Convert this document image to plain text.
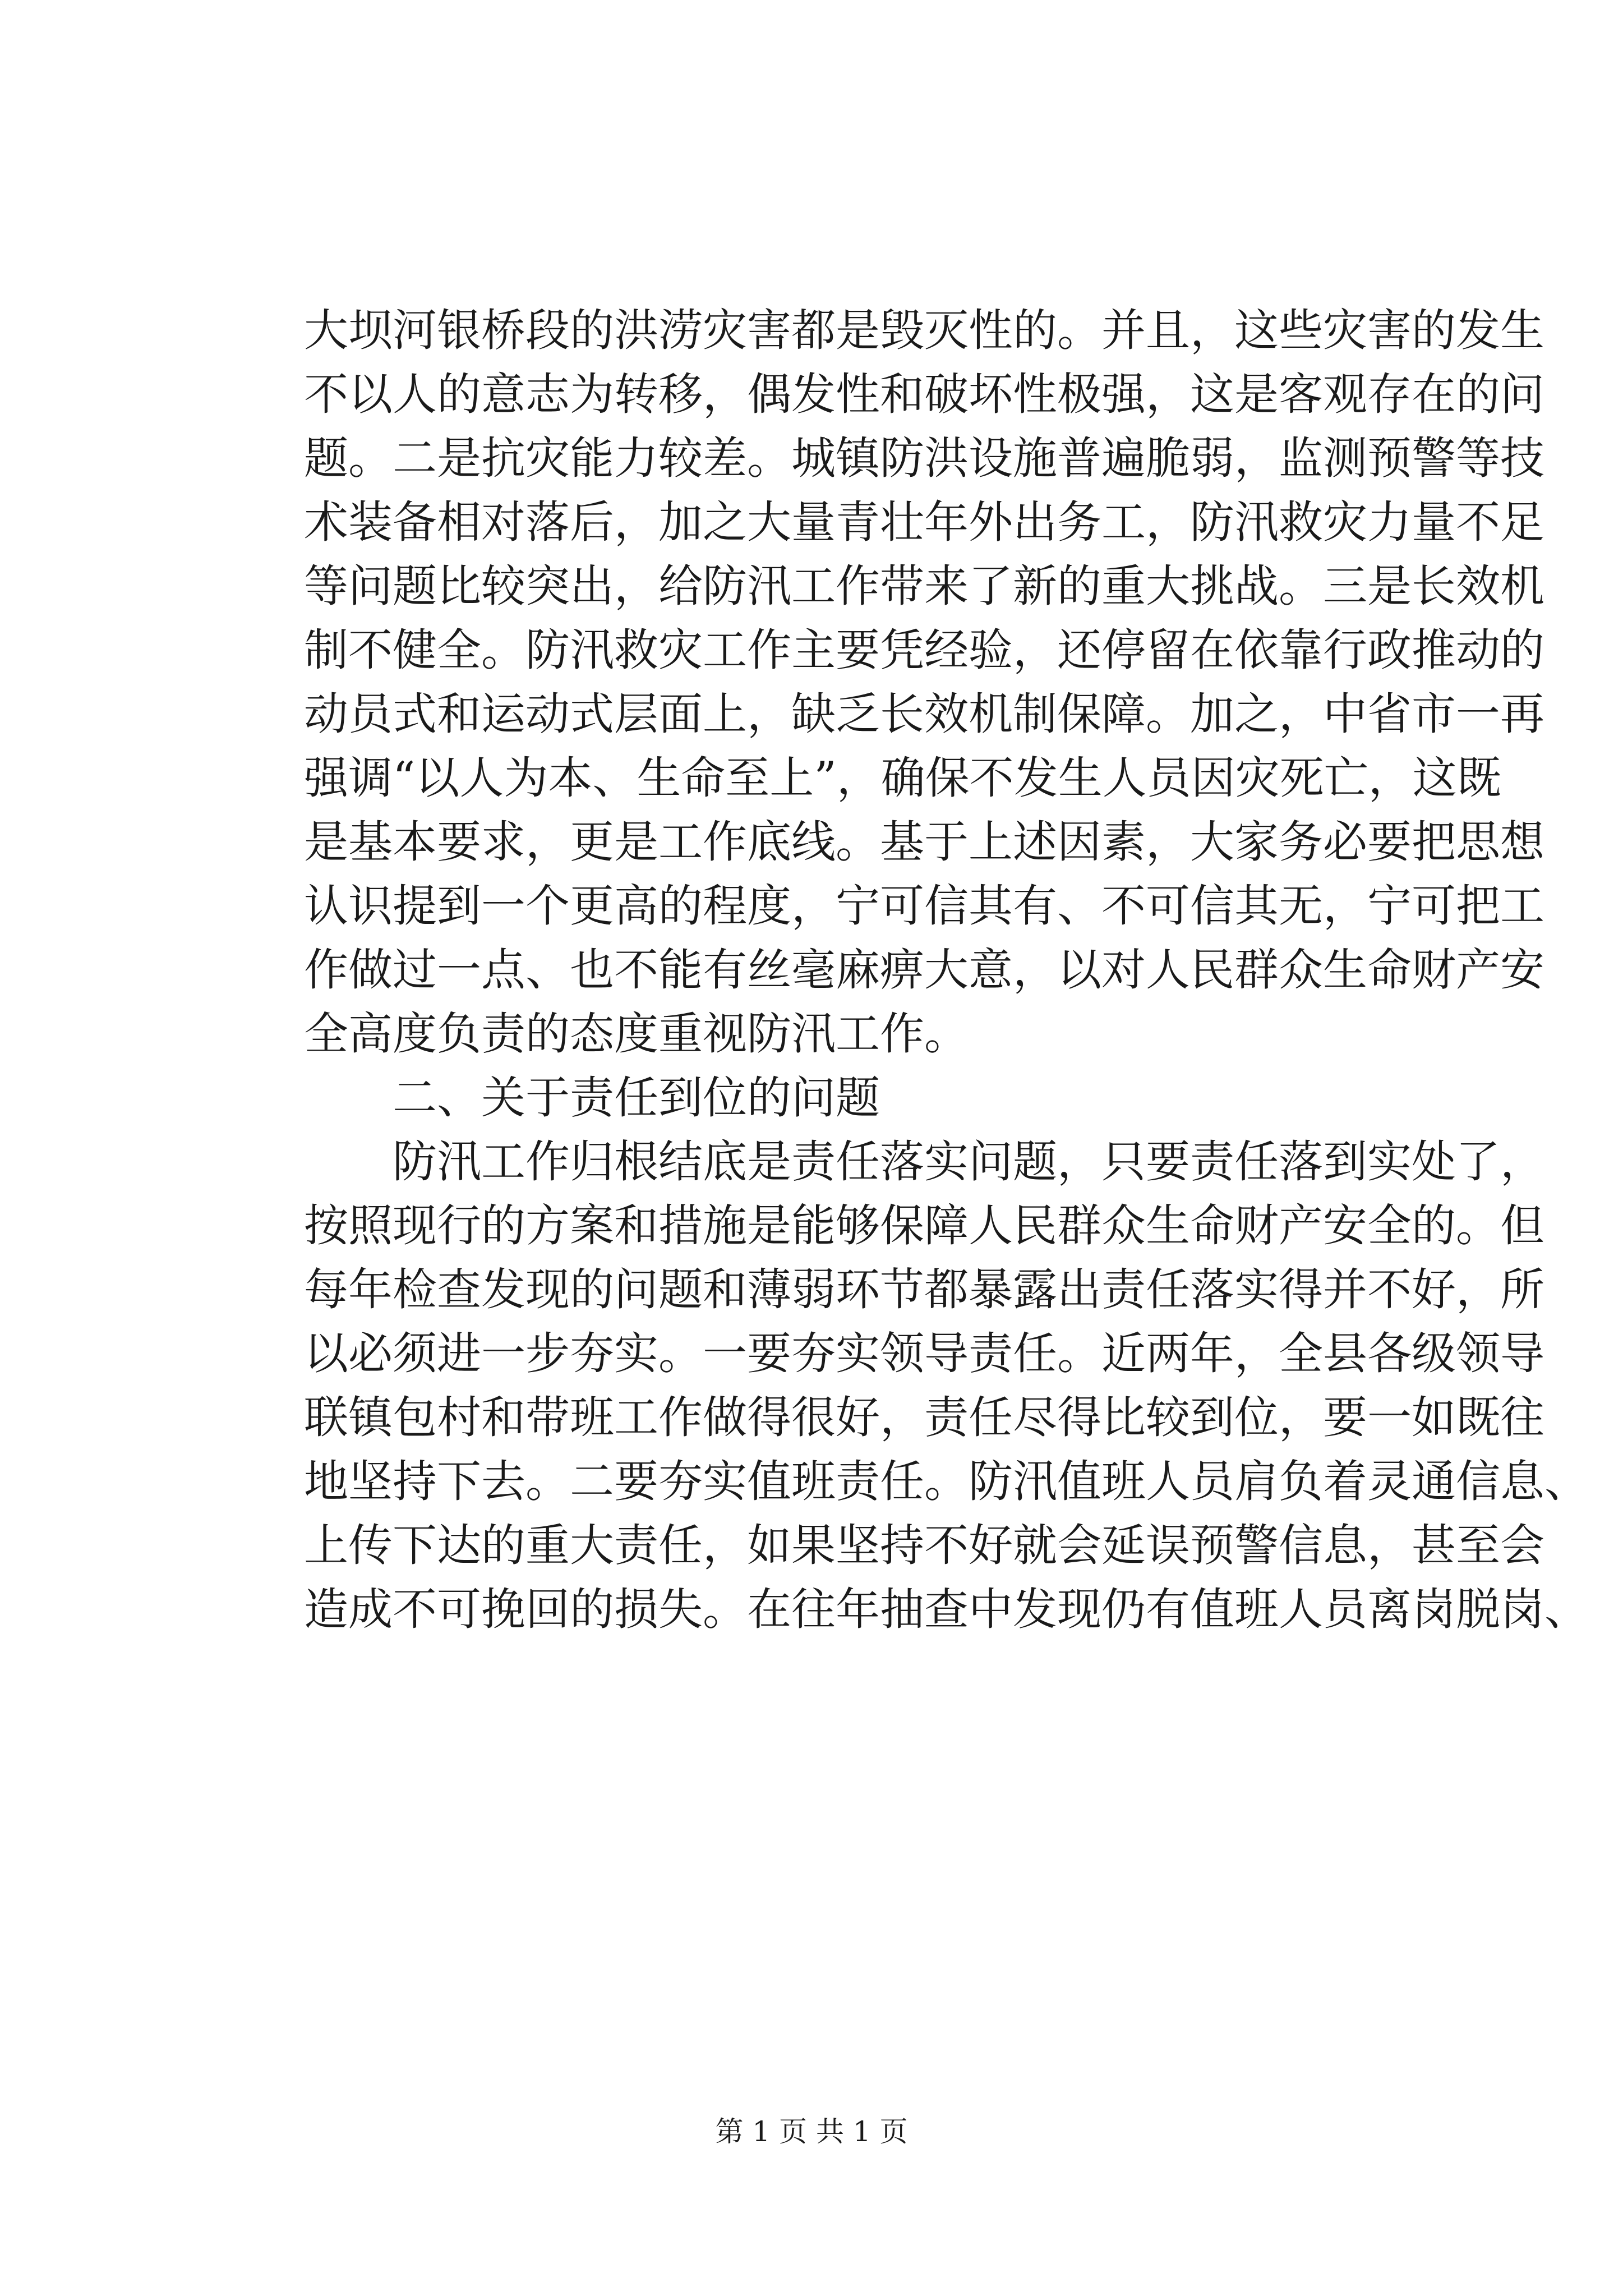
大坝河银桥段的洪涝灾害都是毁灭性的。并且，这些灾害的发生
不以人的意志为转移，偶发性和破坏性极强，这是客观存在的问
题。二是抗灾能力较差。城镇防洪设施普遍脆弱，监测预警等技
术装备相对落后，加之大量青壮年外出务工，防汛救灾力量不足
等问题比较突出，给防汛工作带来了新的重大挑战。三是长效机
制不健全。防汛救灾工作主要凭经验，还停留在依靠行政推动的
动员式和运动式层面上，缺乏长效机制保障。加之，中省市一再
强调“以人为本、生命至上”，确保不发生人员因灾死亡，这既
是基本要求，更是工作底线。基于上述因素，大家务必要把思想
认识提到一个更高的程度，宁可信其有、不可信其无，宁可把工
作做过一点、也不能有丝毫麻痹大意，以对人民群众生命财产安
全高度负责的态度重视防汛工作。
二、关于责任到位的问题
防汛工作归根结底是责任落实问题，只要责任落到实处了，
按照现行的方案和措施是能够保障人民群众生命财产安全的。但
每年检查发现的问题和薄弱环节都暴露出责任落实得并不好，所
以必须进一步夯实。一要夯实领导责任。近两年，全县各级领导
联镇包村和带班工作做得很好，责任尽得比较到位，要一如既往
地坚持下去。二要夯实值班责任。防汛值班人员肩负着灵通信息、
上传下达的重大责任，如果坚持不好就会延误预警信息，甚至会
造成不可挽回的损失。在往年抽查中发现仍有值班人员离岗脱岗、
第 1 页 共 1 页
